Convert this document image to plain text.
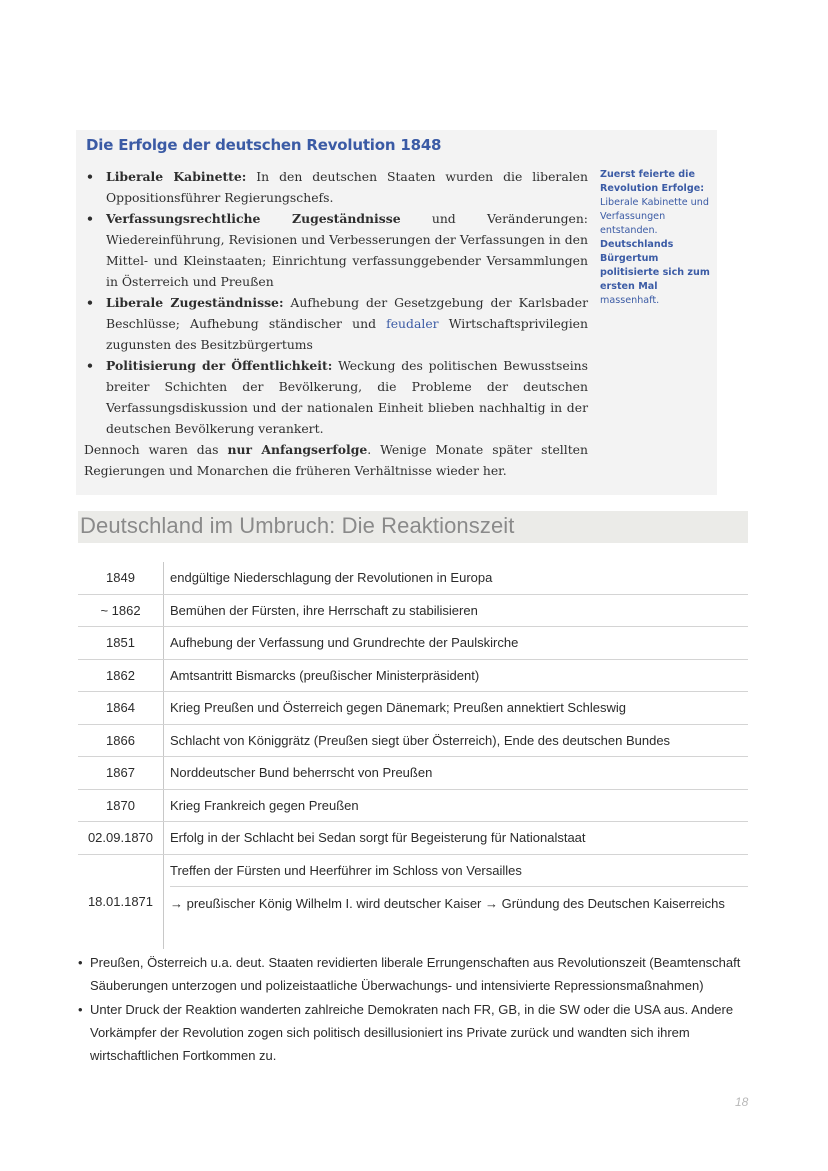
Die Erfolge der deutschen Revolution 1848
• Liberale Kabinette: In den deutschen Staaten wurden die liberalen Oppositionsführer Regierungschefs.
• Verfassungsrechtliche Zugeständnisse und Veränderungen: Wiedereinführung, Revisionen und Verbesserungen der Verfassungen in den Mittel- und Kleinstaaten; Einrichtung verfassunggebender Versammlungen in Österreich und Preußen
• Liberale Zugeständnisse: Aufhebung der Gesetzgebung der Karlsbader Beschlüsse; Aufhebung ständischer und feudaler Wirtschaftsprivilegien zugunsten des Besitzbürgertums
• Politisierung der Öffentlichkeit: Weckung des politischen Bewusstseins breiter Schichten der Bevölkerung, die Probleme der deutschen Verfassungsdiskussion und der nationalen Einheit blieben nachhaltig in der deutschen Bevölkerung verankert.

Dennoch waren das nur Anfangserfolge. Wenige Monate später stellten Regierungen und Monarchen die früheren Verhältnisse wieder her.

Zuerst feierte die Revolution Erfolge: Liberale Kabinette und Verfassungen entstanden. Deutschlands Bürgertum politisierte sich zum ersten Mal massenhaft.
Deutschland im Umbruch: Die Reaktionszeit
1849	endgültige Niederschlagung der Revolutionen in Europa
~ 1862	Bemühen der Fürsten, ihre Herrschaft zu stabilisieren
1851	Aufhebung der Verfassung und Grundrechte der Paulskirche
1862	Amtsantritt Bismarcks (preußischer Ministerpräsident)
1864	Krieg Preußen und Österreich gegen Dänemark; Preußen annektiert Schleswig
1866	Schlacht von Königgrätz (Preußen siegt über Österreich), Ende des deutschen Bundes
1867	Norddeutscher Bund beherrscht von Preußen
1870	Krieg Frankreich gegen Preußen
02.09.1870	Erfolg in der Schlacht bei Sedan sorgt für Begeisterung für Nationalstaat
18.01.1871
Treffen der Fürsten und Heerführer im Schloss von Versailles
→ preußischer König Wilhelm I. wird deutscher Kaiser → Gründung des Deutschen Kaiserreichs
• Preußen, Österreich u.a. deut. Staaten revidierten liberale Errungenschaften aus Revolutionszeit (Beamtenschaft Säuberungen unterzogen und polizeistaatliche Überwachungs- und intensivierte Repressionsmaßnahmen)
• Unter Druck der Reaktion wanderten zahlreiche Demokraten nach FR, GB, in die SW oder die USA aus. Andere Vorkämpfer der Revolution zogen sich politisch desillusioniert ins Private zurück und wandten sich ihrem wirtschaftlichen Fortkommen zu.
18
